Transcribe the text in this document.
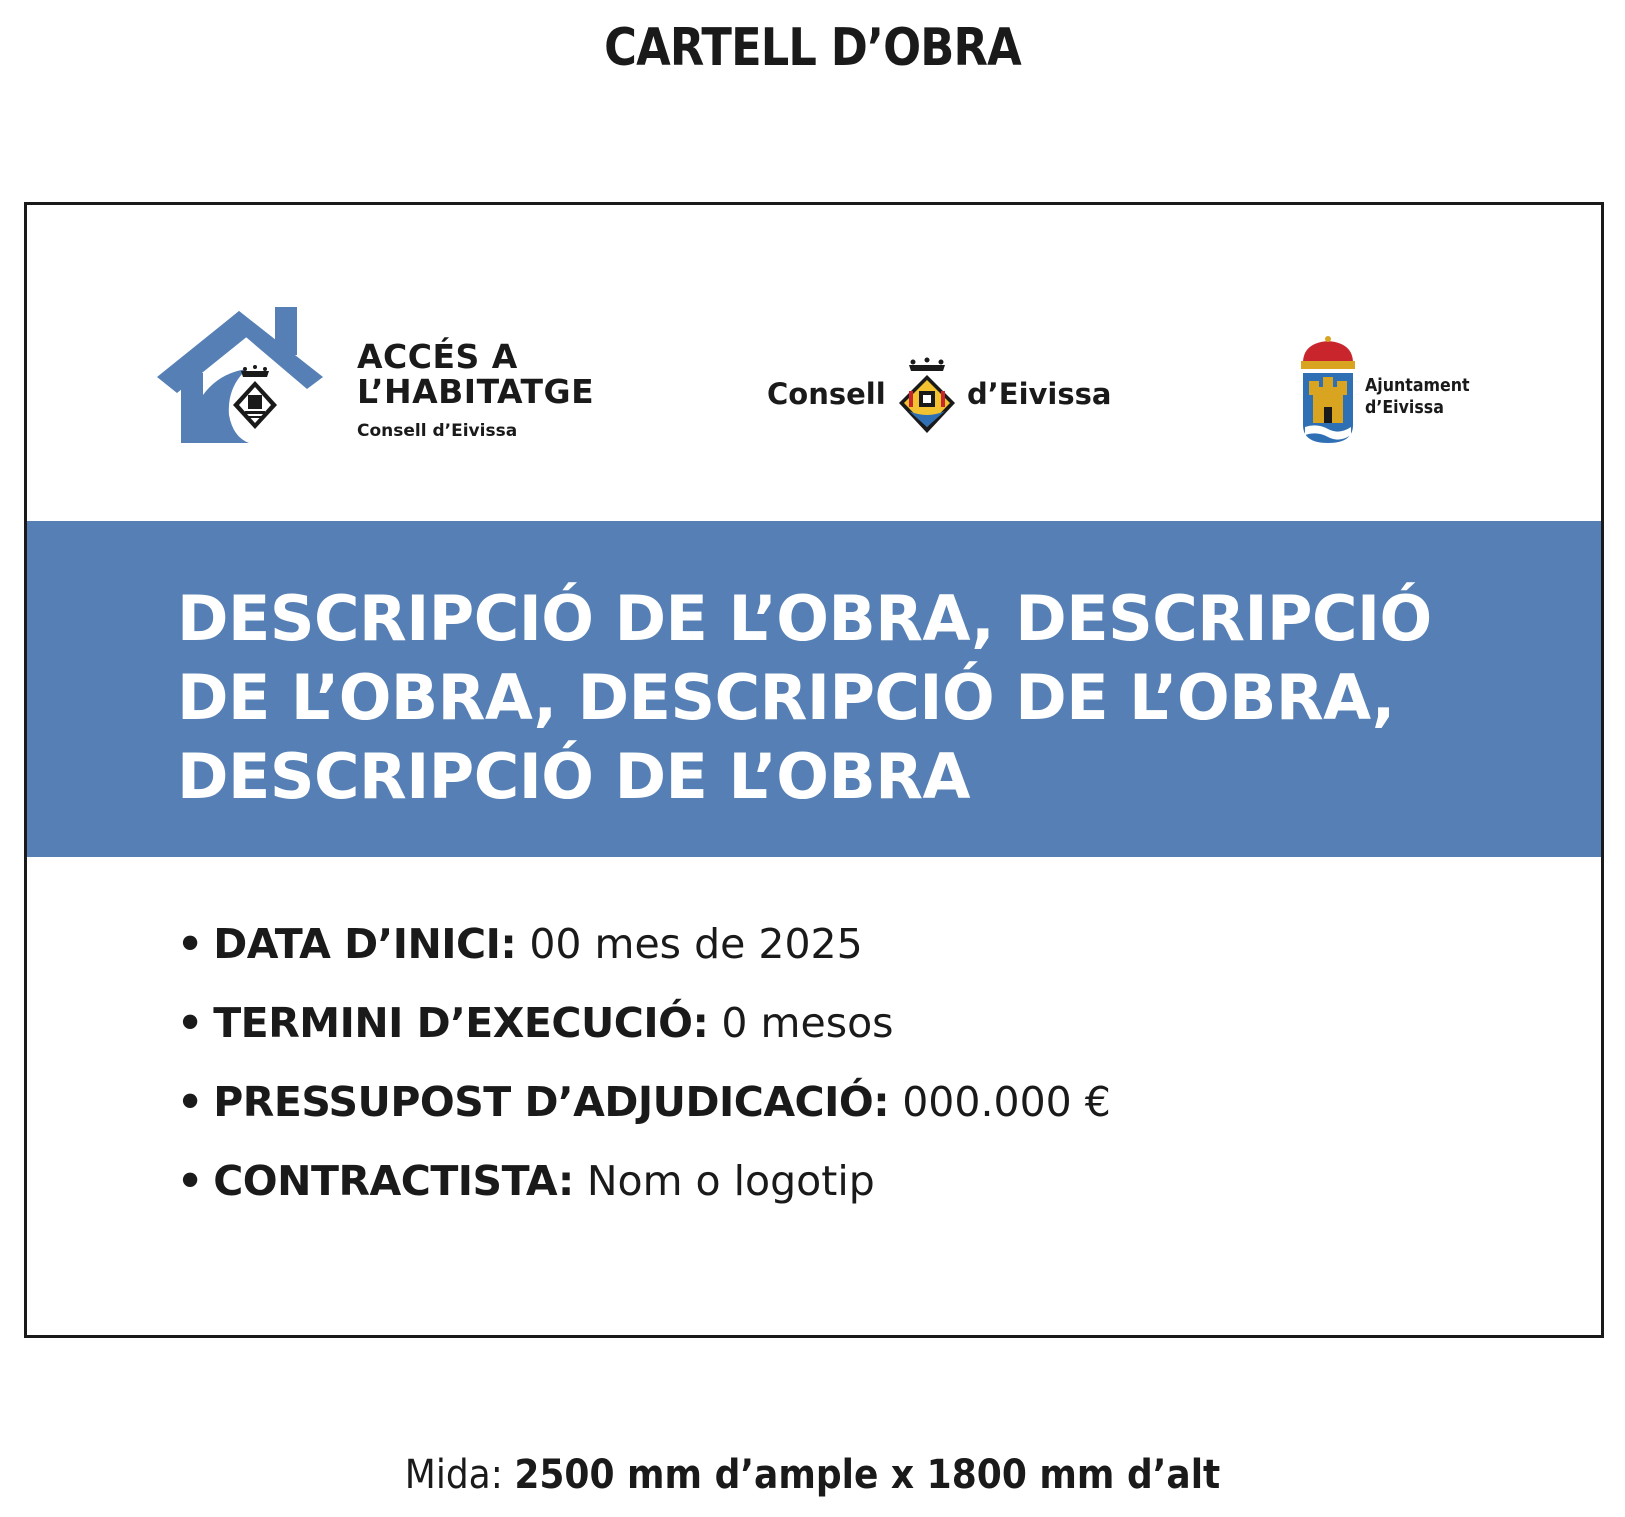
CARTELL D’OBRA
ACCÉS A
L’HABITATGE
Consell d’Eivissa
Consell	d’Eivissa	Ajuntament
d’Eivissa
DESCRIPCIÓ DE L’OBRA, DESCRIPCIÓ DE L’OBRA, DESCRIPCIÓ DE L’OBRA, DESCRIPCIÓ DE L’OBRA
• DATA D’INICI: 00 mes de 2025
• TERMINI D’EXECUCIÓ: 0 mesos
• PRESSUPOST D’ADJUDICACIÓ: 000.000 €
• CONTRACTISTA: Nom o logotip
Mida: 2500 mm d’ample x 1800 mm d’alt
